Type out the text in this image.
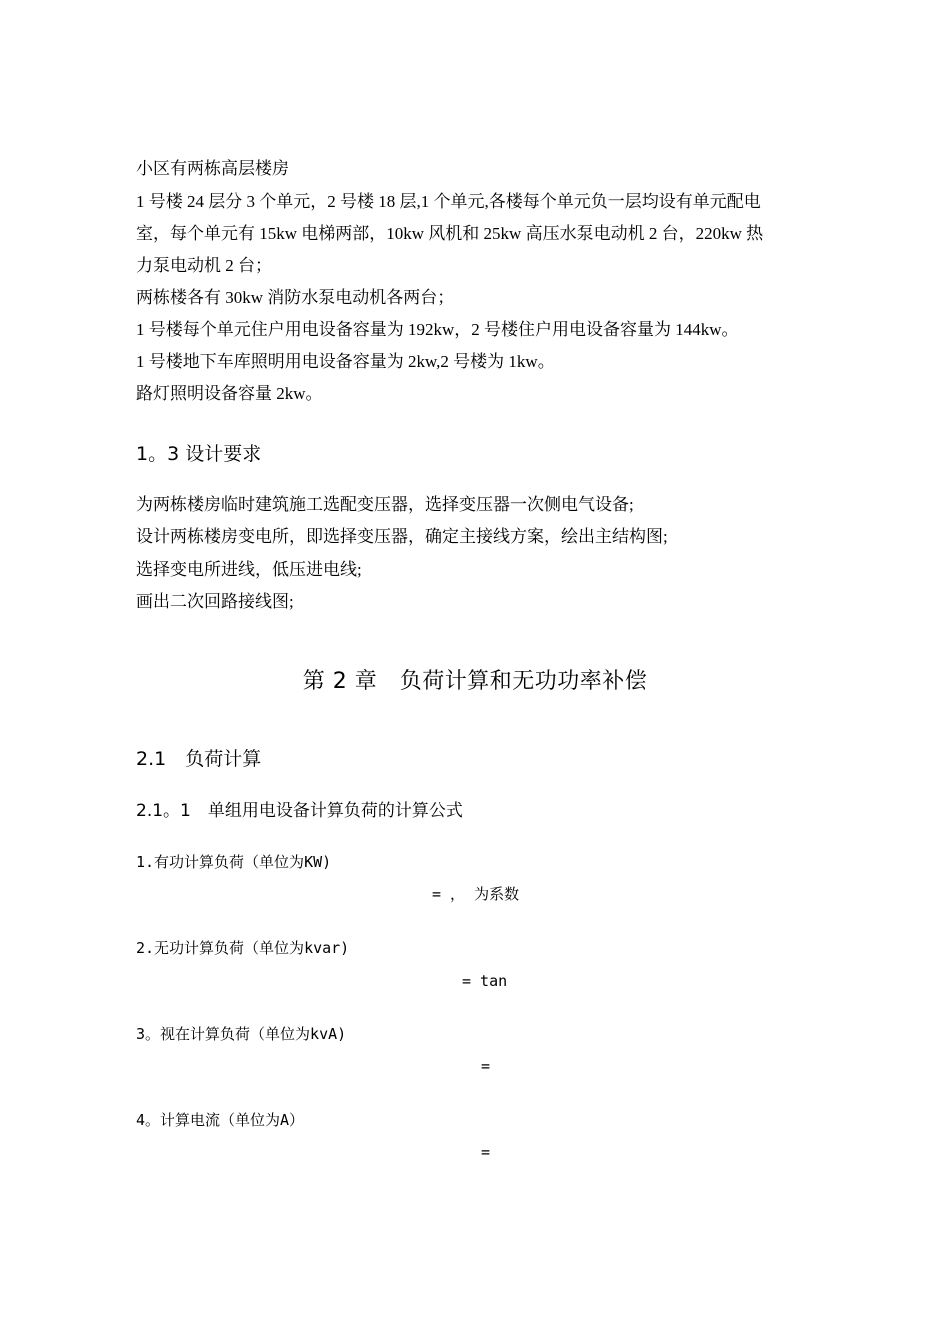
小区有两栋高层楼房
1 号楼 24 层分 3 个单元，2 号楼 18 层,1 个单元,各楼每个单元负一层均设有单元配电
室，每个单元有 15kw 电梯两部，10kw 风机和 25kw 高压水泵电动机 2 台，220kw 热
力泵电动机 2 台；
两栋楼各有 30kw 消防水泵电动机各两台；
1 号楼每个单元住户用电设备容量为 192kw，2 号楼住户用电设备容量为 144kw。
1 号楼地下车库照明用电设备容量为 2kw,2 号楼为 1kw。
路灯照明设备容量 2kw。
1。3 设计要求
为两栋楼房临时建筑施工选配变压器，选择变压器一次侧电气设备;
设计两栋楼房变电所，即选择变压器，确定主接线方案，绘出主结构图;
选择变电所进线，低压进电线;
画出二次回路接线图;
第 2 章　负荷计算和无功功率补偿
2.1　负荷计算
2.1。1　单组用电设备计算负荷的计算公式
1.有功计算负荷（单位为KW)
= ， 为系数
2.无功计算负荷（单位为kvar)
= tan
3。视在计算负荷（单位为kvA)
=
4。计算电流（单位为A）
=
